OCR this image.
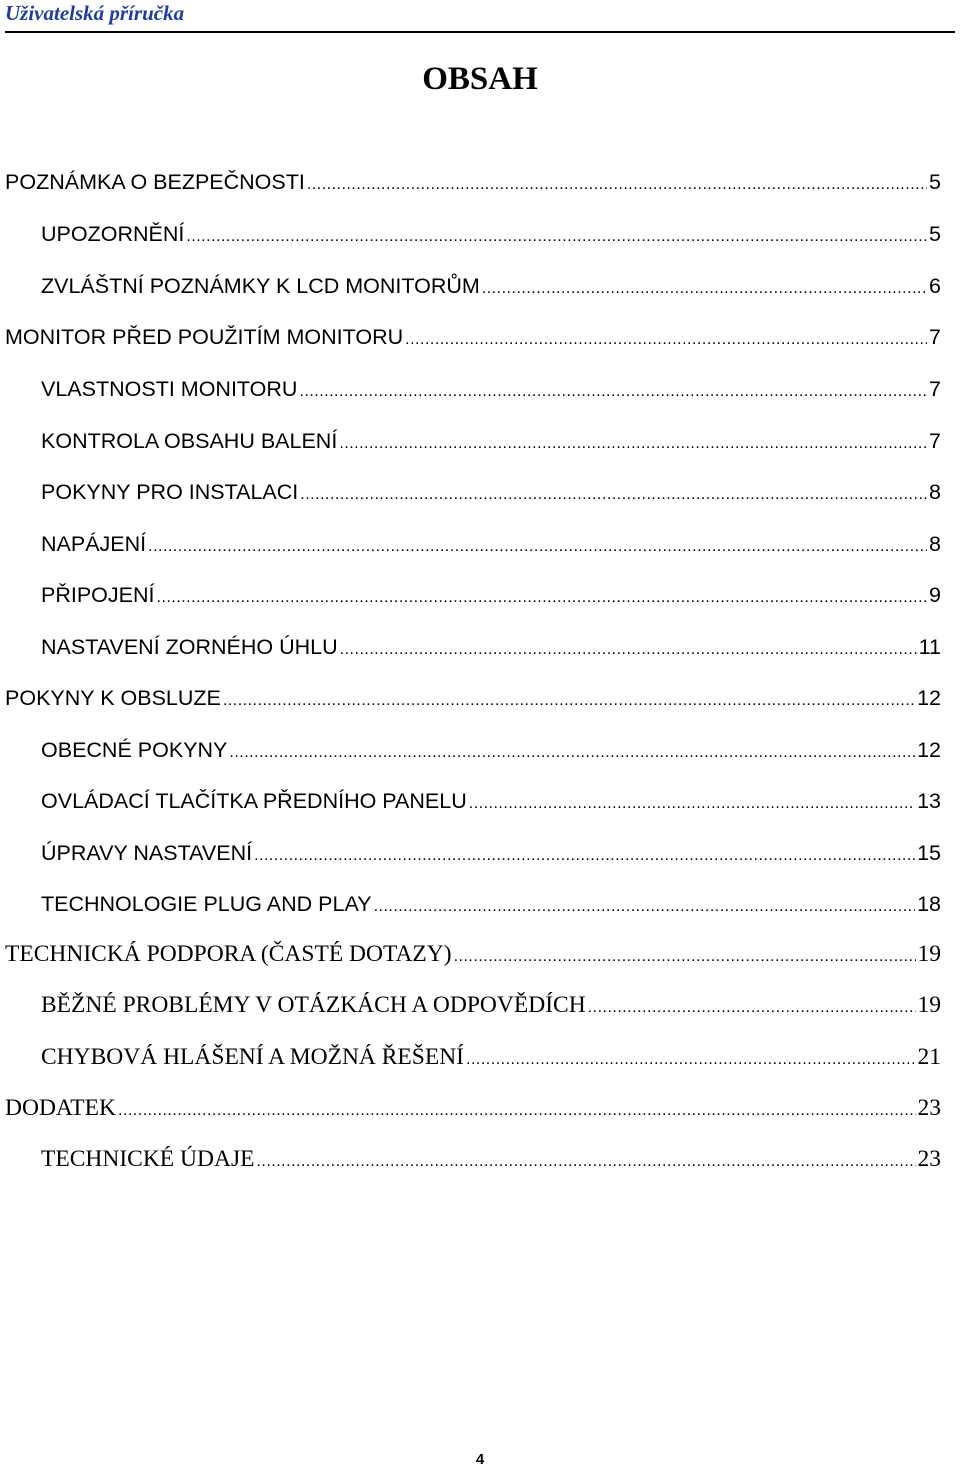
Uživatelská příručka
OBSAH
POZNÁMKA O BEZPEČNOSTI .....	5
UPOZORNĚNÍ .....	5
ZVLÁŠTNÍ POZNÁMKY K LCD MONITORŮM .....	6
MONITOR PŘED POUŽITÍM MONITORU .....	7
VLASTNOSTI MONITORU .....	7
KONTROLA OBSAHU BALENÍ .....	7
POKYNY PRO INSTALACI .....	8
NAPÁJENÍ .....	8
PŘIPOJENÍ .....	9
NASTAVENÍ ZORNÉHO ÚHLU .....	11
POKYNY K OBSLUZE .....	12
OBECNÉ POKYNY .....	12
OVLÁDACÍ TLAČÍTKA PŘEDNÍHO PANELU .....	13
ÚPRAVY NASTAVENÍ .....	15
TECHNOLOGIE PLUG AND PLAY .....	18
TECHNICKÁ PODPORA (ČASTÉ DOTAZY) .....	19
BĚŽNÉ PROBLÉMY V OTÁZKÁCH A ODPOVĚDÍCH .....	19
CHYBOVÁ HLÁŠENÍ A MOŽNÁ ŘEŠENÍ .....	21
DODATEK .....	23
TECHNICKÉ ÚDAJE .....	23
4
